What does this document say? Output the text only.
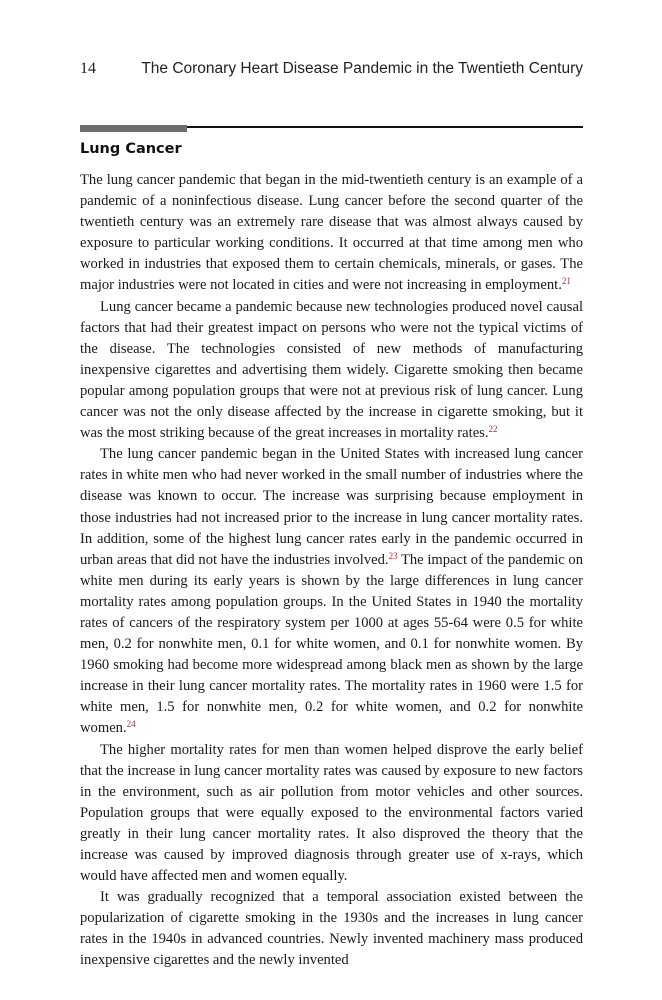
14	The Coronary Heart Disease Pandemic in the Twentieth Century
Lung Cancer

The lung cancer pandemic that began in the mid-twentieth century is an example of a pandemic of a noninfectious disease. Lung cancer before the second quarter of the twentieth century was an extremely rare disease that was almost always caused by exposure to particular working conditions. It occurred at that time among men who worked in industries that exposed them to certain chemicals, minerals, or gases. The major industries were not located in cities and were not increasing in employment.$^{21}$

Lung cancer became a pandemic because new technologies produced novel causal factors that had their greatest impact on persons who were not the typical victims of the disease. The technologies consisted of new methods of manufacturing inexpensive cigarettes and advertising them widely. Cigarette smoking then became popular among population groups that were not at previous risk of lung cancer. Lung cancer was not the only disease affected by the increase in cigarette smoking, but it was the most striking because of the great increases in mortality rates.$^{22}$

The lung cancer pandemic began in the United States with increased lung cancer rates in white men who had never worked in the small number of industries where the disease was known to occur. The increase was surprising because employment in those industries had not increased prior to the increase in lung cancer mortality rates. In addition, some of the highest lung cancer rates early in the pandemic occurred in urban areas that did not have the industries involved.$^{23}$ The impact of the pandemic on white men during its early years is shown by the large differences in lung cancer mortality rates among population groups. In the United States in 1940 the mortality rates of cancers of the respiratory system per 1000 at ages 55-64 were 0.5 for white men, 0.2 for nonwhite men, 0.1 for white women, and 0.1 for nonwhite women. By 1960 smoking had become more widespread among black men as shown by the large increase in their lung cancer mortality rates. The mortality rates in 1960 were 1.5 for white men, 1.5 for nonwhite men, 0.2 for white women, and 0.2 for nonwhite women.$^{24}$

The higher mortality rates for men than women helped disprove the early belief that the increase in lung cancer mortality rates was caused by exposure to new factors in the environment, such as air pollution from motor vehicles and other sources. Population groups that were equally exposed to the environmental factors varied greatly in their lung cancer mortality rates. It also disproved the theory that the increase was caused by improved diagnosis through greater use of x-rays, which would have affected men and women equally.

It was gradually recognized that a temporal association existed between the popularization of cigarette smoking in the 1930s and the increases in lung cancer rates in the 1940s in advanced countries. Newly invented machinery mass produced inexpensive cigarettes and the newly invented
